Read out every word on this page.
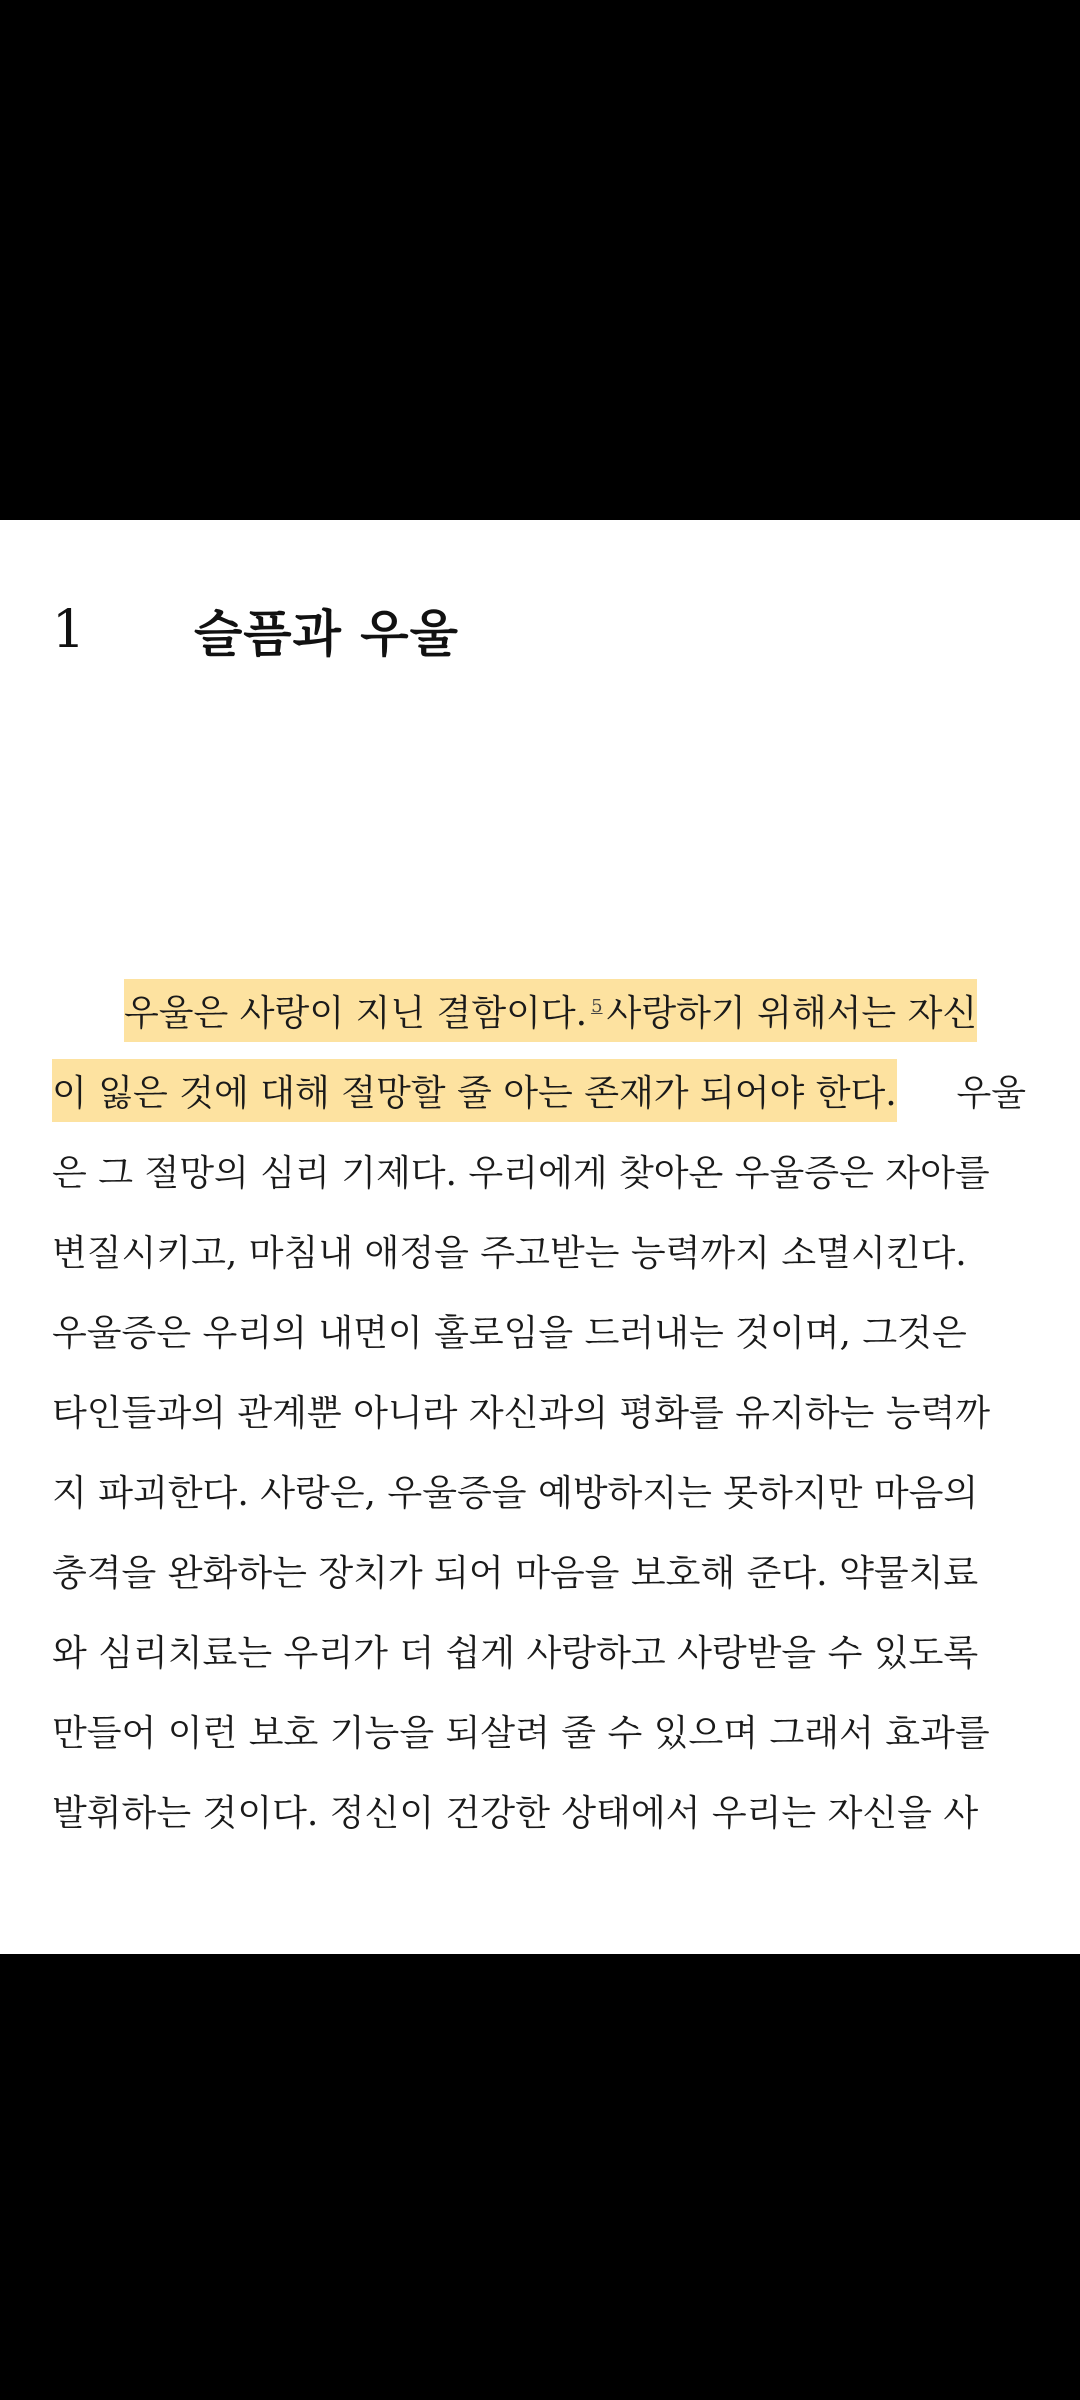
1	슬픔과 우울
우울은 사랑이 지닌 결함이다. $^5$ 사랑하기 위해서는 자신
이 잃은 것에 대해 절망할 줄 아는 존재가 되어야 한다. 우울
은 그 절망의 심리 기제다. 우리에게 찾아온 우울증은 자아를
변질시키고, 마침내 애정을 주고받는 능력까지 소멸시킨다.
우울증은 우리의 내면이 홀로임을 드러내는 것이며, 그것은
타인들과의 관계뿐 아니라 자신과의 평화를 유지하는 능력까
지 파괴한다. 사랑은, 우울증을 예방하지는 못하지만 마음의
충격을 완화하는 장치가 되어 마음을 보호해 준다. 약물치료
와 심리치료는 우리가 더 쉽게 사랑하고 사랑받을 수 있도록
만들어 이런 보호 기능을 되살려 줄 수 있으며 그래서 효과를
발휘하는 것이다. 정신이 건강한 상태에서 우리는 자신을 사
